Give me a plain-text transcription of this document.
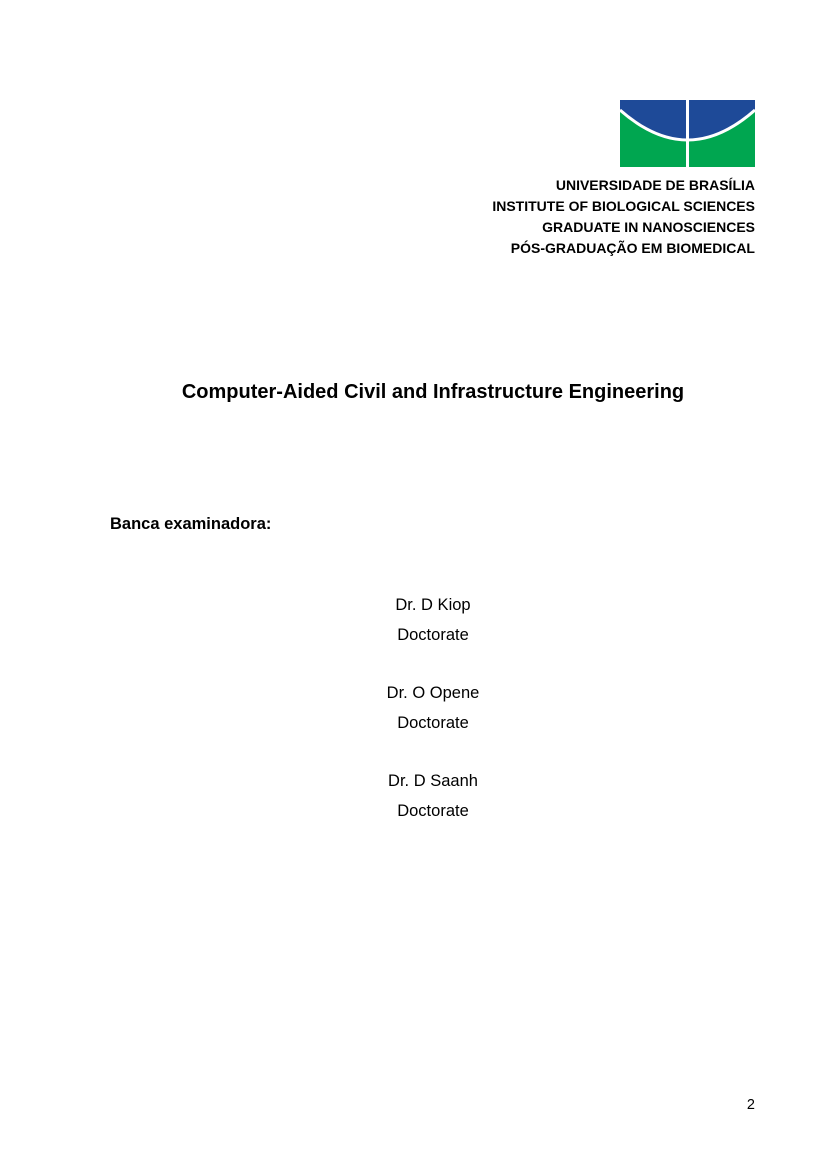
UNIVERSIDADE DE BRASÍLIA
INSTITUTE OF BIOLOGICAL SCIENCES
GRADUATE IN NANOSCIENCES
PÓS-GRADUAÇÃO EM BIOMEDICAL
Computer-Aided Civil and Infrastructure Engineering
Banca examinadora:
Dr. D Kiop
Doctorate
Dr. O Opene
Doctorate
Dr. D Saanh
Doctorate
2
